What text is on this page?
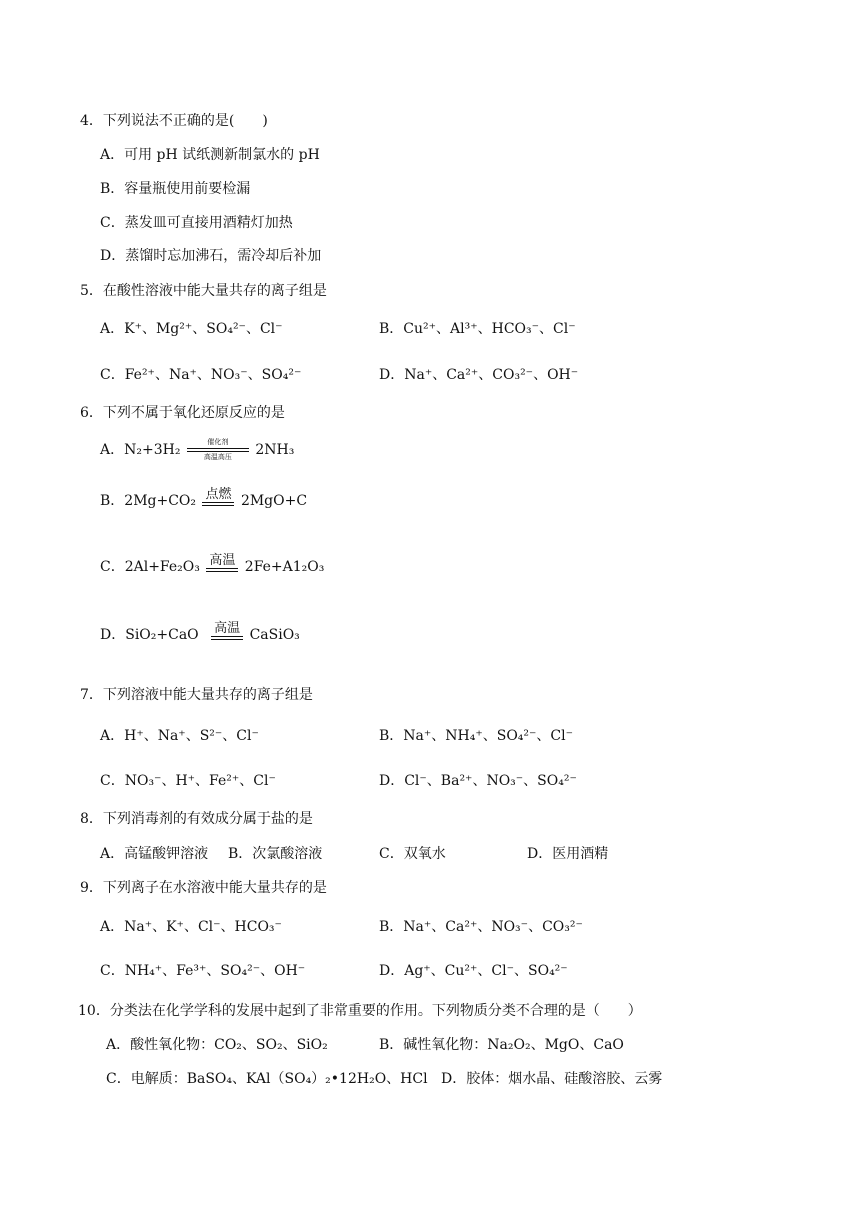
4．下列说法不正确的是(　　)
A．可用 pH 试纸测新制氯水的 pH
B．容量瓶使用前要检漏
C．蒸发皿可直接用酒精灯加热
D．蒸馏时忘加沸石，需冷却后补加
5．在酸性溶液中能大量共存的离子组是
A．K⁺、Mg²⁺、SO₄²⁻、Cl⁻	B．Cu²⁺、Al³⁺、HCO₃⁻、Cl⁻
C．Fe²⁺、Na⁺、NO₃⁻、SO₄²⁻	D．Na⁺、Ca²⁺、CO₃²⁻、OH⁻
6．下列不属于氧化还原反应的是
A．N₂+3H₂	催化剂
高温高压	2NH₃
B．2Mg+CO₂ 点燃 2MgO+C
C．2Al+Fe₂O₃ 高温 2Fe+A1₂O₃
D．SiO₂+CaO 高温 CaSiO₃
7．下列溶液中能大量共存的离子组是
A．H⁺、Na⁺、S²⁻、Cl⁻	B．Na⁺、NH₄⁺、SO₄²⁻、Cl⁻
C．NO₃⁻、H⁺、Fe²⁺、Cl⁻	D．Cl⁻、Ba²⁺、NO₃⁻、SO₄²⁻
8．下列消毒剂的有效成分属于盐的是
A．高锰酸钾溶液 B．次氯酸溶液	C．双氧水	D．医用酒精
9．下列离子在水溶液中能大量共存的是
A．Na⁺、K⁺、Cl⁻、HCO₃⁻	B．Na⁺、Ca²⁺、NO₃⁻、CO₃²⁻
C．NH₄⁺、Fe³⁺、SO₄²⁻、OH⁻	D．Ag⁺、Cu²⁺、Cl⁻、SO₄²⁻
10．分类法在化学学科的发展中起到了非常重要的作用。下列物质分类不合理的是（　　）
A．酸性氧化物：CO₂、SO₂、SiO₂	B．碱性氧化物：Na₂O₂、MgO、CaO
C．电解质：BaSO₄、KAl（SO₄）₂•12H₂O、HCl D．胶体：烟水晶、硅酸溶胶、云雾
